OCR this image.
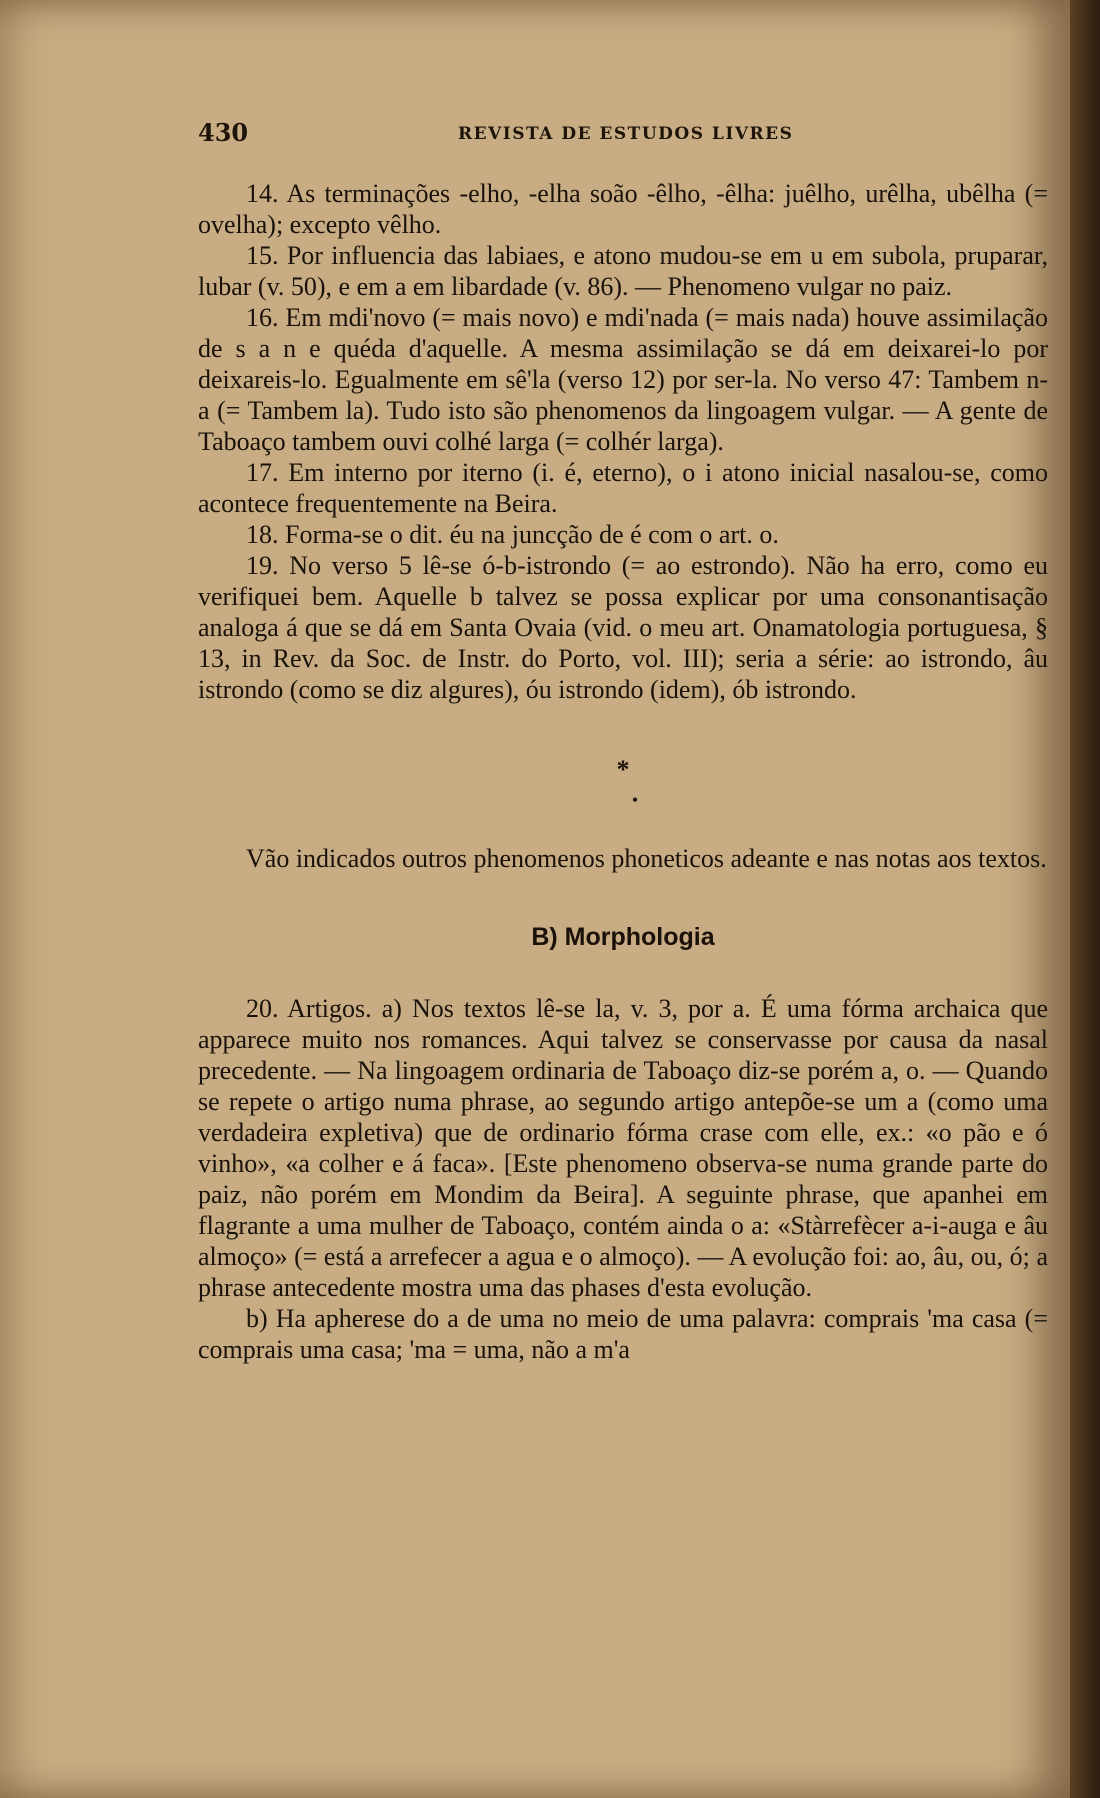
430	REVISTA DE ESTUDOS LIVRES

14. As terminações -elho, -elha soão -êlho, -êlha: juêlho, urêlha, ubêlha (= ovelha); excepto vêlho.

15. Por influencia das labiaes, e atono mudou-se em u em subola, pruparar, lubar (v. 50), e em a em libardade (v. 86). — Phenomeno vulgar no paiz.

16. Em mdi'novo (= mais novo) e mdi'nada (= mais nada) houve assimilação de s a n e quéda d'aquelle. A mesma assimilação se dá em deixarei-lo por deixareis-lo. Egualmente em sê'la (verso 12) por ser-la. No verso 47: Tambem n-a (= Tambem la). Tudo isto são phenomenos da lingoagem vulgar. — A gente de Taboaço tambem ouvi colhé larga (= colhér larga).

17. Em interno por iterno (i. é, eterno), o i atono inicial nasalou-se, como acontece frequentemente na Beira.

18. Forma-se o dit. éu na juncção de é com o art. o.

19. No verso 5 lê-se ó-b-istrondo (= ao estrondo). Não ha erro, como eu verifiquei bem. Aquelle b talvez se possa explicar por uma consonantisação analoga á que se dá em Santa Ovaia (vid. o meu art. Onamatologia portuguesa, § 13, in Rev. da Soc. de Instr. do Porto, vol. III); seria a série: ao istrondo, âu istrondo (como se diz algures), óu istrondo (idem), ób istrondo.

*
•

Vão indicados outros phenomenos phoneticos adeante e nas notas aos textos.

B) Morphologia

20. Artigos. a) Nos textos lê-se la, v. 3, por a. É uma fórma archaica que apparece muito nos romances. Aqui talvez se conservasse por causa da nasal precedente. — Na lingoagem ordinaria de Taboaço diz-se porém a, o. — Quando se repete o artigo numa phrase, ao segundo artigo antepõe-se um a (como uma verdadeira expletiva) que de ordinario fórma crase com elle, ex.: «o pão e ó vinho», «a colher e á faca». [Este phenomeno observa-se numa grande parte do paiz, não porém em Mondim da Beira]. A seguinte phrase, que apanhei em flagrante a uma mulher de Taboaço, contém ainda o a: «Stàrrefècer a-i-auga e âu almoço» (= está a arrefecer a agua e o almoço). — A evolução foi: ao, âu, ou, ó; a phrase antecedente mostra uma das phases d'esta evolução.

b) Ha apherese do a de uma no meio de uma palavra: comprais 'ma casa (= comprais uma casa; 'ma = uma, não a m'a
